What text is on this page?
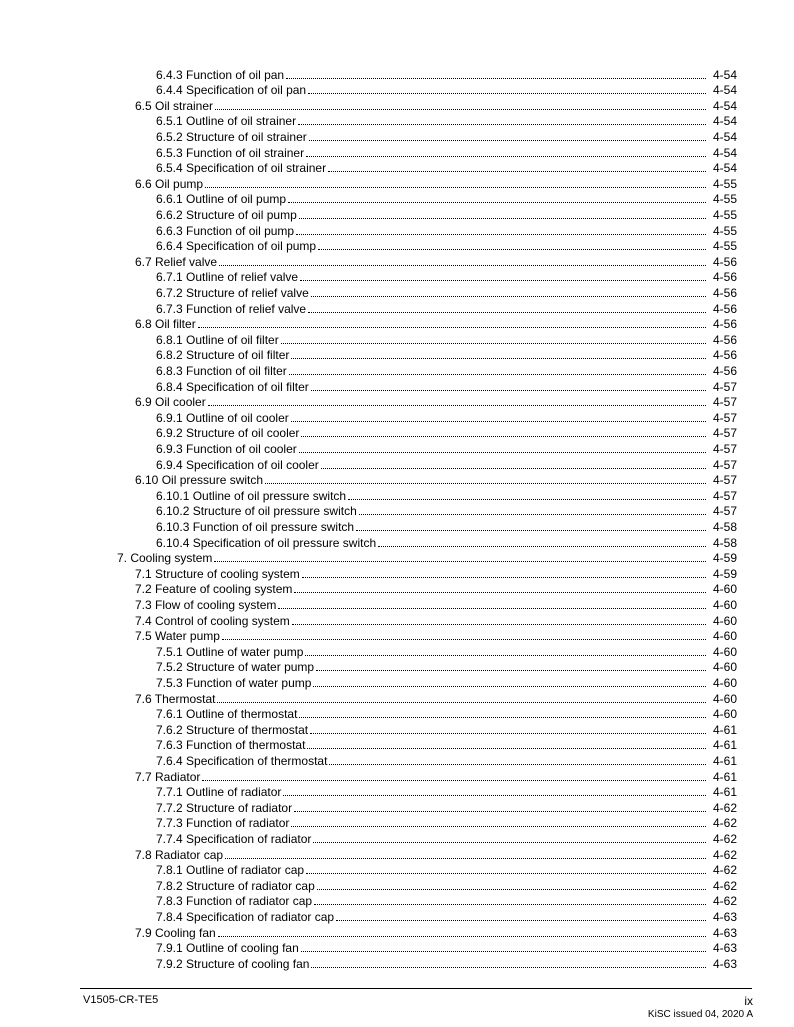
6.4.3 Function of oil pan	4-54
6.4.4 Specification of oil pan	4-54
6.5 Oil strainer	4-54
6.5.1 Outline of oil strainer	4-54
6.5.2 Structure of oil strainer	4-54
6.5.3 Function of oil strainer	4-54
6.5.4 Specification of oil strainer	4-54
6.6 Oil pump	4-55
6.6.1 Outline of oil pump	4-55
6.6.2 Structure of oil pump	4-55
6.6.3 Function of oil pump	4-55
6.6.4 Specification of oil pump	4-55
6.7 Relief valve	4-56
6.7.1 Outline of relief valve	4-56
6.7.2 Structure of relief valve	4-56
6.7.3 Function of relief valve	4-56
6.8 Oil filter	4-56
6.8.1 Outline of oil filter	4-56
6.8.2 Structure of oil filter	4-56
6.8.3 Function of oil filter	4-56
6.8.4 Specification of oil filter	4-57
6.9 Oil cooler	4-57
6.9.1 Outline of oil cooler	4-57
6.9.2 Structure of oil cooler	4-57
6.9.3 Function of oil cooler	4-57
6.9.4 Specification of oil cooler	4-57
6.10 Oil pressure switch	4-57
6.10.1 Outline of oil pressure switch	4-57
6.10.2 Structure of oil pressure switch	4-57
6.10.3 Function of oil pressure switch	4-58
6.10.4 Specification of oil pressure switch	4-58
7. Cooling system	4-59
7.1 Structure of cooling system	4-59
7.2 Feature of cooling system	4-60
7.3 Flow of cooling system	4-60
7.4 Control of cooling system	4-60
7.5 Water pump	4-60
7.5.1 Outline of water pump	4-60
7.5.2 Structure of water pump	4-60
7.5.3 Function of water pump	4-60
7.6 Thermostat	4-60
7.6.1 Outline of thermostat	4-60
7.6.2 Structure of thermostat	4-61
7.6.3 Function of thermostat	4-61
7.6.4 Specification of thermostat	4-61
7.7 Radiator	4-61
7.7.1 Outline of radiator	4-61
7.7.2 Structure of radiator	4-62
7.7.3 Function of radiator	4-62
7.7.4 Specification of radiator	4-62
7.8 Radiator cap	4-62
7.8.1 Outline of radiator cap	4-62
7.8.2 Structure of radiator cap	4-62
7.8.3 Function of radiator cap	4-62
7.8.4 Specification of radiator cap	4-63
7.9 Cooling fan	4-63
7.9.1 Outline of cooling fan	4-63
7.9.2 Structure of cooling fan	4-63
V1505-CR-TE5	ix
KiSC issued 04, 2020 A
